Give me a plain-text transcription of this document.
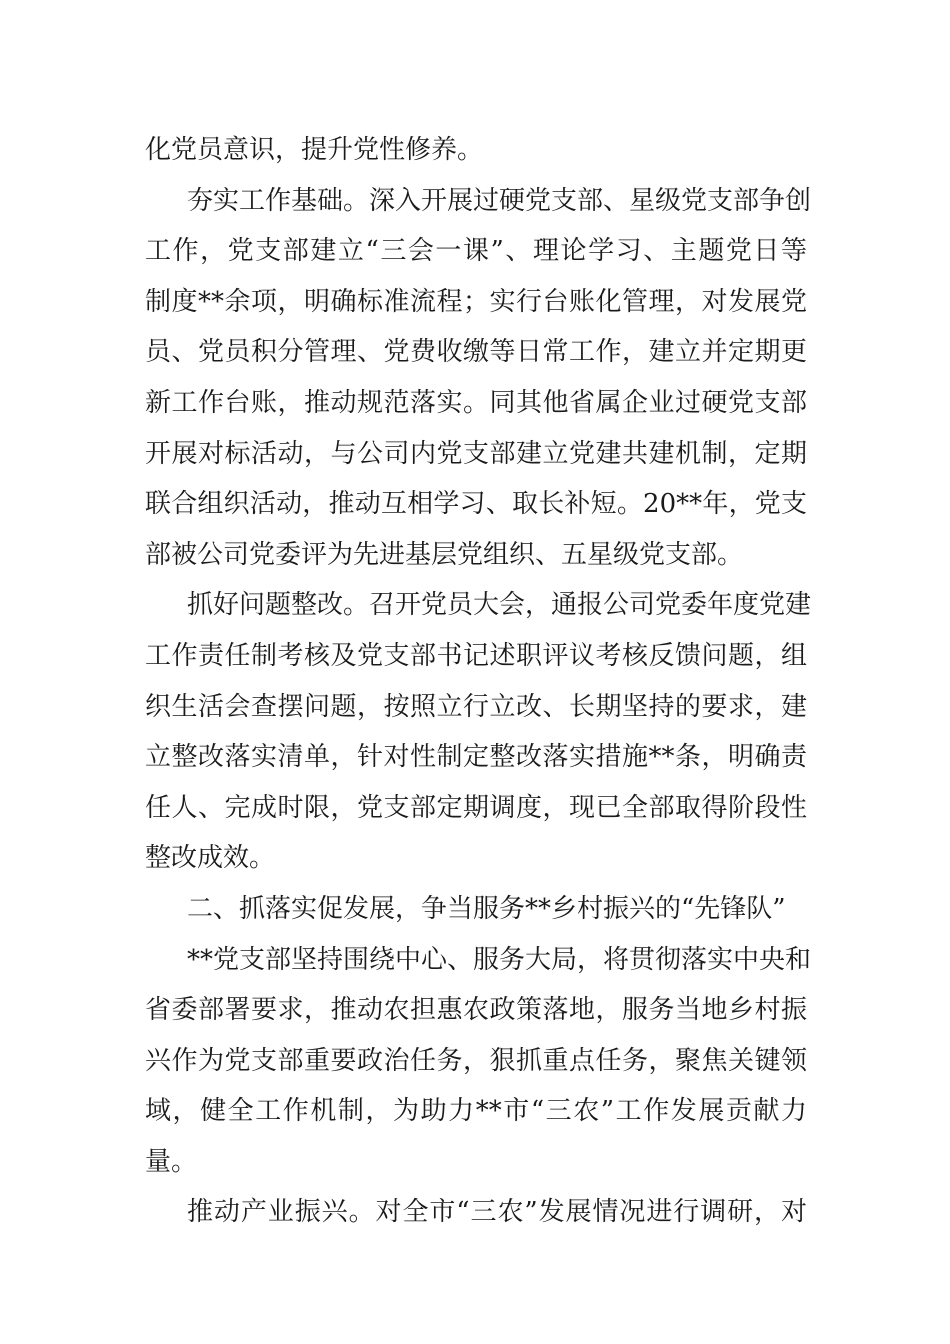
化党员意识，提升党性修养。
夯实工作基础。深入开展过硬党支部、星级党支部争创
工作，党支部建立“三会一课”、理论学习、主题党日等
制度**余项，明确标准流程；实行台账化管理，对发展党
员、党员积分管理、党费收缴等日常工作，建立并定期更
新工作台账，推动规范落实。同其他省属企业过硬党支部
开展对标活动，与公司内党支部建立党建共建机制，定期
联合组织活动，推动互相学习、取长补短。20**年，党支
部被公司党委评为先进基层党组织、五星级党支部。
抓好问题整改。召开党员大会，通报公司党委年度党建
工作责任制考核及党支部书记述职评议考核反馈问题，组
织生活会查摆问题，按照立行立改、长期坚持的要求，建
立整改落实清单，针对性制定整改落实措施**条，明确责
任人、完成时限，党支部定期调度，现已全部取得阶段性
整改成效。
二、抓落实促发展，争当服务**乡村振兴的“先锋队”
**党支部坚持围绕中心、服务大局，将贯彻落实中央和
省委部署要求，推动农担惠农政策落地，服务当地乡村振
兴作为党支部重要政治任务，狠抓重点任务，聚焦关键领
域，健全工作机制，为助力**市“三农”工作发展贡献力
量。
推动产业振兴。对全市“三农”发展情况进行调研，对
